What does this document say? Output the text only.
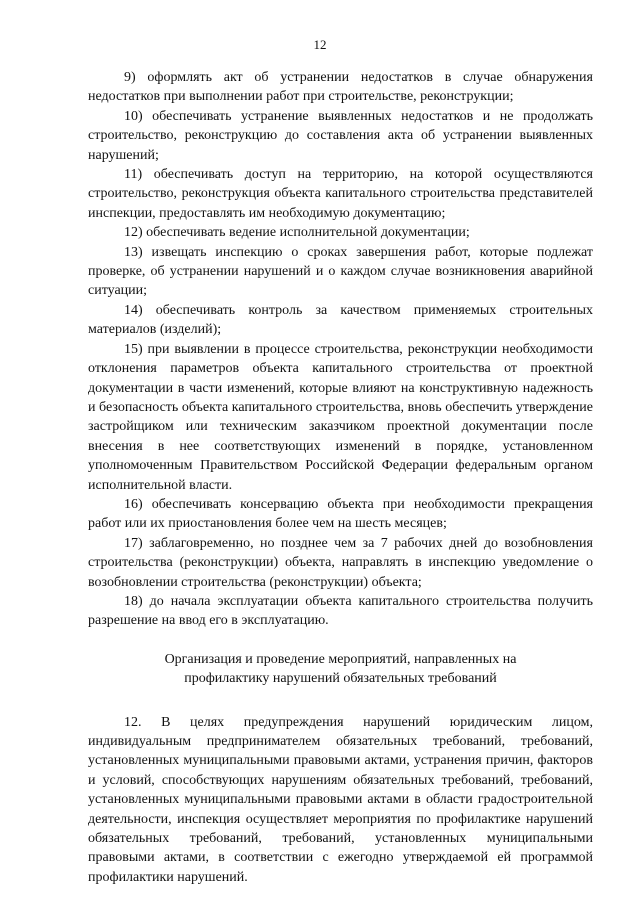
12

9) оформлять акт об устранении недостатков в случае обнаружения недостатков при выполнении работ при строительстве, реконструкции;

10) обеспечивать устранение выявленных недостатков и не продолжать строительство, реконструкцию до составления акта об устранении выявленных нарушений;

11) обеспечивать доступ на территорию, на которой осуществляются строительство, реконструкция объекта капитального строительства представителей инспекции, предоставлять им необходимую документацию;

12) обеспечивать ведение исполнительной документации;

13) извещать инспекцию о сроках завершения работ, которые подлежат проверке, об устранении нарушений и о каждом случае возникновения аварийной ситуации;

14) обеспечивать контроль за качеством применяемых строительных материалов (изделий);

15) при выявлении в процессе строительства, реконструкции необходимости отклонения параметров объекта капитального строительства от проектной документации в части изменений, которые влияют на конструктивную надежность и безопасность объекта капитального строительства, вновь обеспечить утверждение застройщиком или техническим заказчиком проектной документации после внесения в нее соответствующих изменений в порядке, установленном уполномоченным Правительством Российской Федерации федеральным органом исполнительной власти.

16) обеспечивать консервацию объекта при необходимости прекращения работ или их приостановления более чем на шесть месяцев;

17) заблаговременно, но позднее чем за 7 рабочих дней до возобновления строительства (реконструкции) объекта, направлять в инспекцию уведомление о возобновлении строительства (реконструкции) объекта;

18) до начала эксплуатации объекта капитального строительства получить разрешение на ввод его в эксплуатацию.

Организация и проведение мероприятий, направленных на
профилактику нарушений обязательных требований

12. В целях предупреждения нарушений юридическим лицом, индивидуальным предпринимателем обязательных требований, требований, установленных муниципальными правовыми актами, устранения причин, факторов и условий, способствующих нарушениям обязательных требований, требований, установленных муниципальными правовыми актами в области градостроительной деятельности, инспекция осуществляет мероприятия по профилактике нарушений обязательных требований, требований, установленных муниципальными правовыми актами, в соответствии с ежегодно утверждаемой ей программой профилактики нарушений.
